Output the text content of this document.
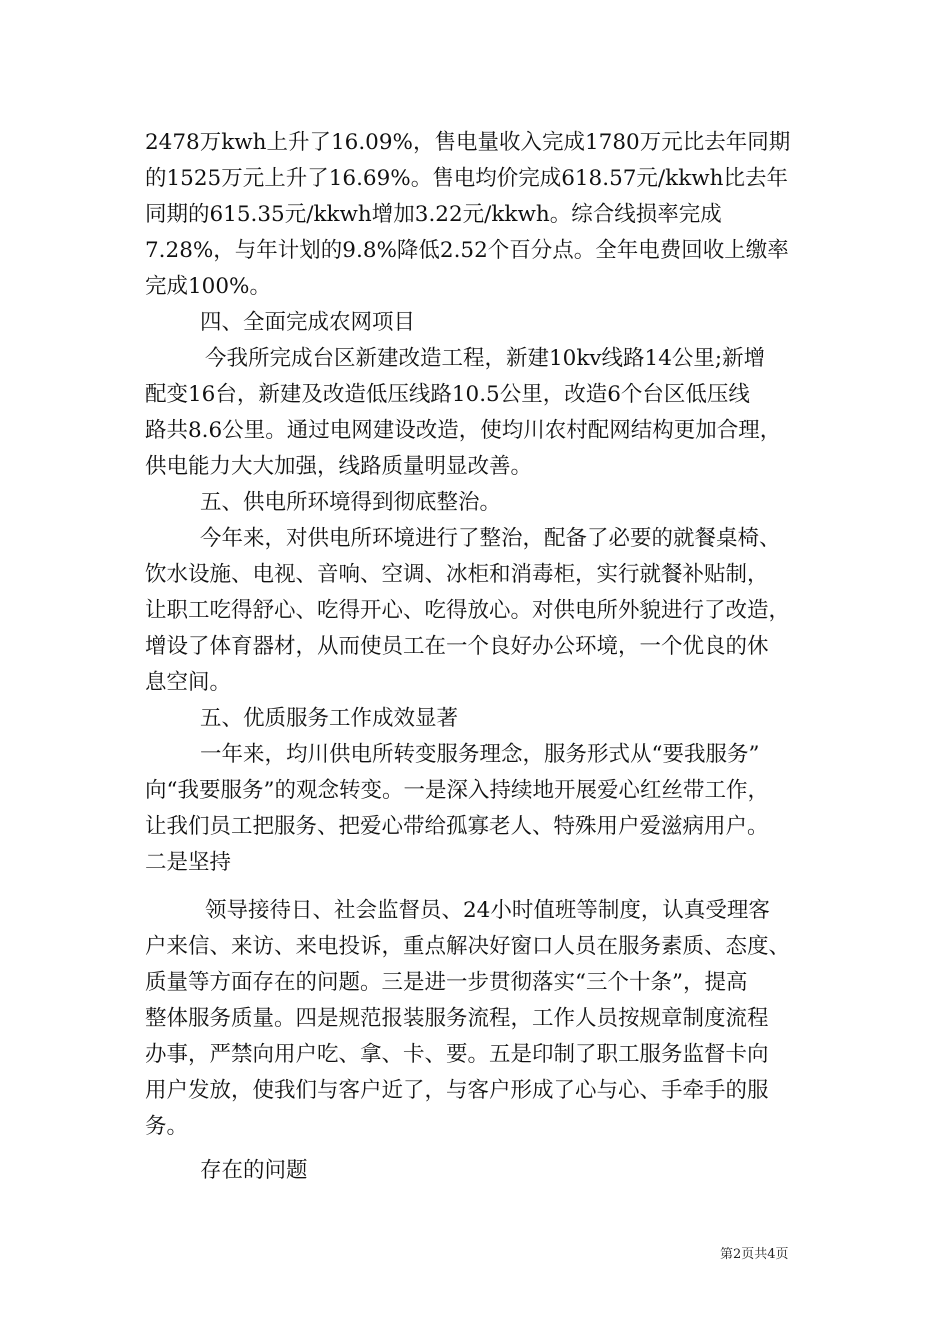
2478万kwh上升了16.09%，售电量收入完成1780万元比去年同期
的1525万元上升了16.69%。售电均价完成618.57元/kkwh比去年
同期的615.35元/kkwh增加3.22元/kkwh。综合线损率完成
7.28%，与年计划的9.8%降低2.52个百分点。全年电费回收上缴率
完成100%。
四、全面完成农网项目
今我所完成台区新建改造工程，新建10kv线路14公里;新增
配变16台，新建及改造低压线路10.5公里，改造6个台区低压线
路共8.6公里。通过电网建设改造，使均川农村配网结构更加合理，
供电能力大大加强，线路质量明显改善。
五、供电所环境得到彻底整治。
今年来，对供电所环境进行了整治，配备了必要的就餐桌椅、
饮水设施、电视、音响、空调、冰柜和消毒柜，实行就餐补贴制，
让职工吃得舒心、吃得开心、吃得放心。对供电所外貌进行了改造，
增设了体育器材，从而使员工在一个良好办公环境，一个优良的休
息空间。
五、优质服务工作成效显著
一年来，均川供电所转变服务理念，服务形式从“要我服务”
向“我要服务”的观念转变。一是深入持续地开展爱心红丝带工作，
让我们员工把服务、把爱心带给孤寡老人、特殊用户爱滋病用户。
二是坚持
领导接待日、社会监督员、24小时值班等制度，认真受理客
户来信、来访、来电投诉，重点解决好窗口人员在服务素质、态度、
质量等方面存在的问题。三是进一步贯彻落实“三个十条”，提高
整体服务质量。四是规范报装服务流程，工作人员按规章制度流程
办事，严禁向用户吃、拿、卡、要。五是印制了职工服务监督卡向
用户发放，使我们与客户近了，与客户形成了心与心、手牵手的服
务。
存在的问题
第2页共4页
